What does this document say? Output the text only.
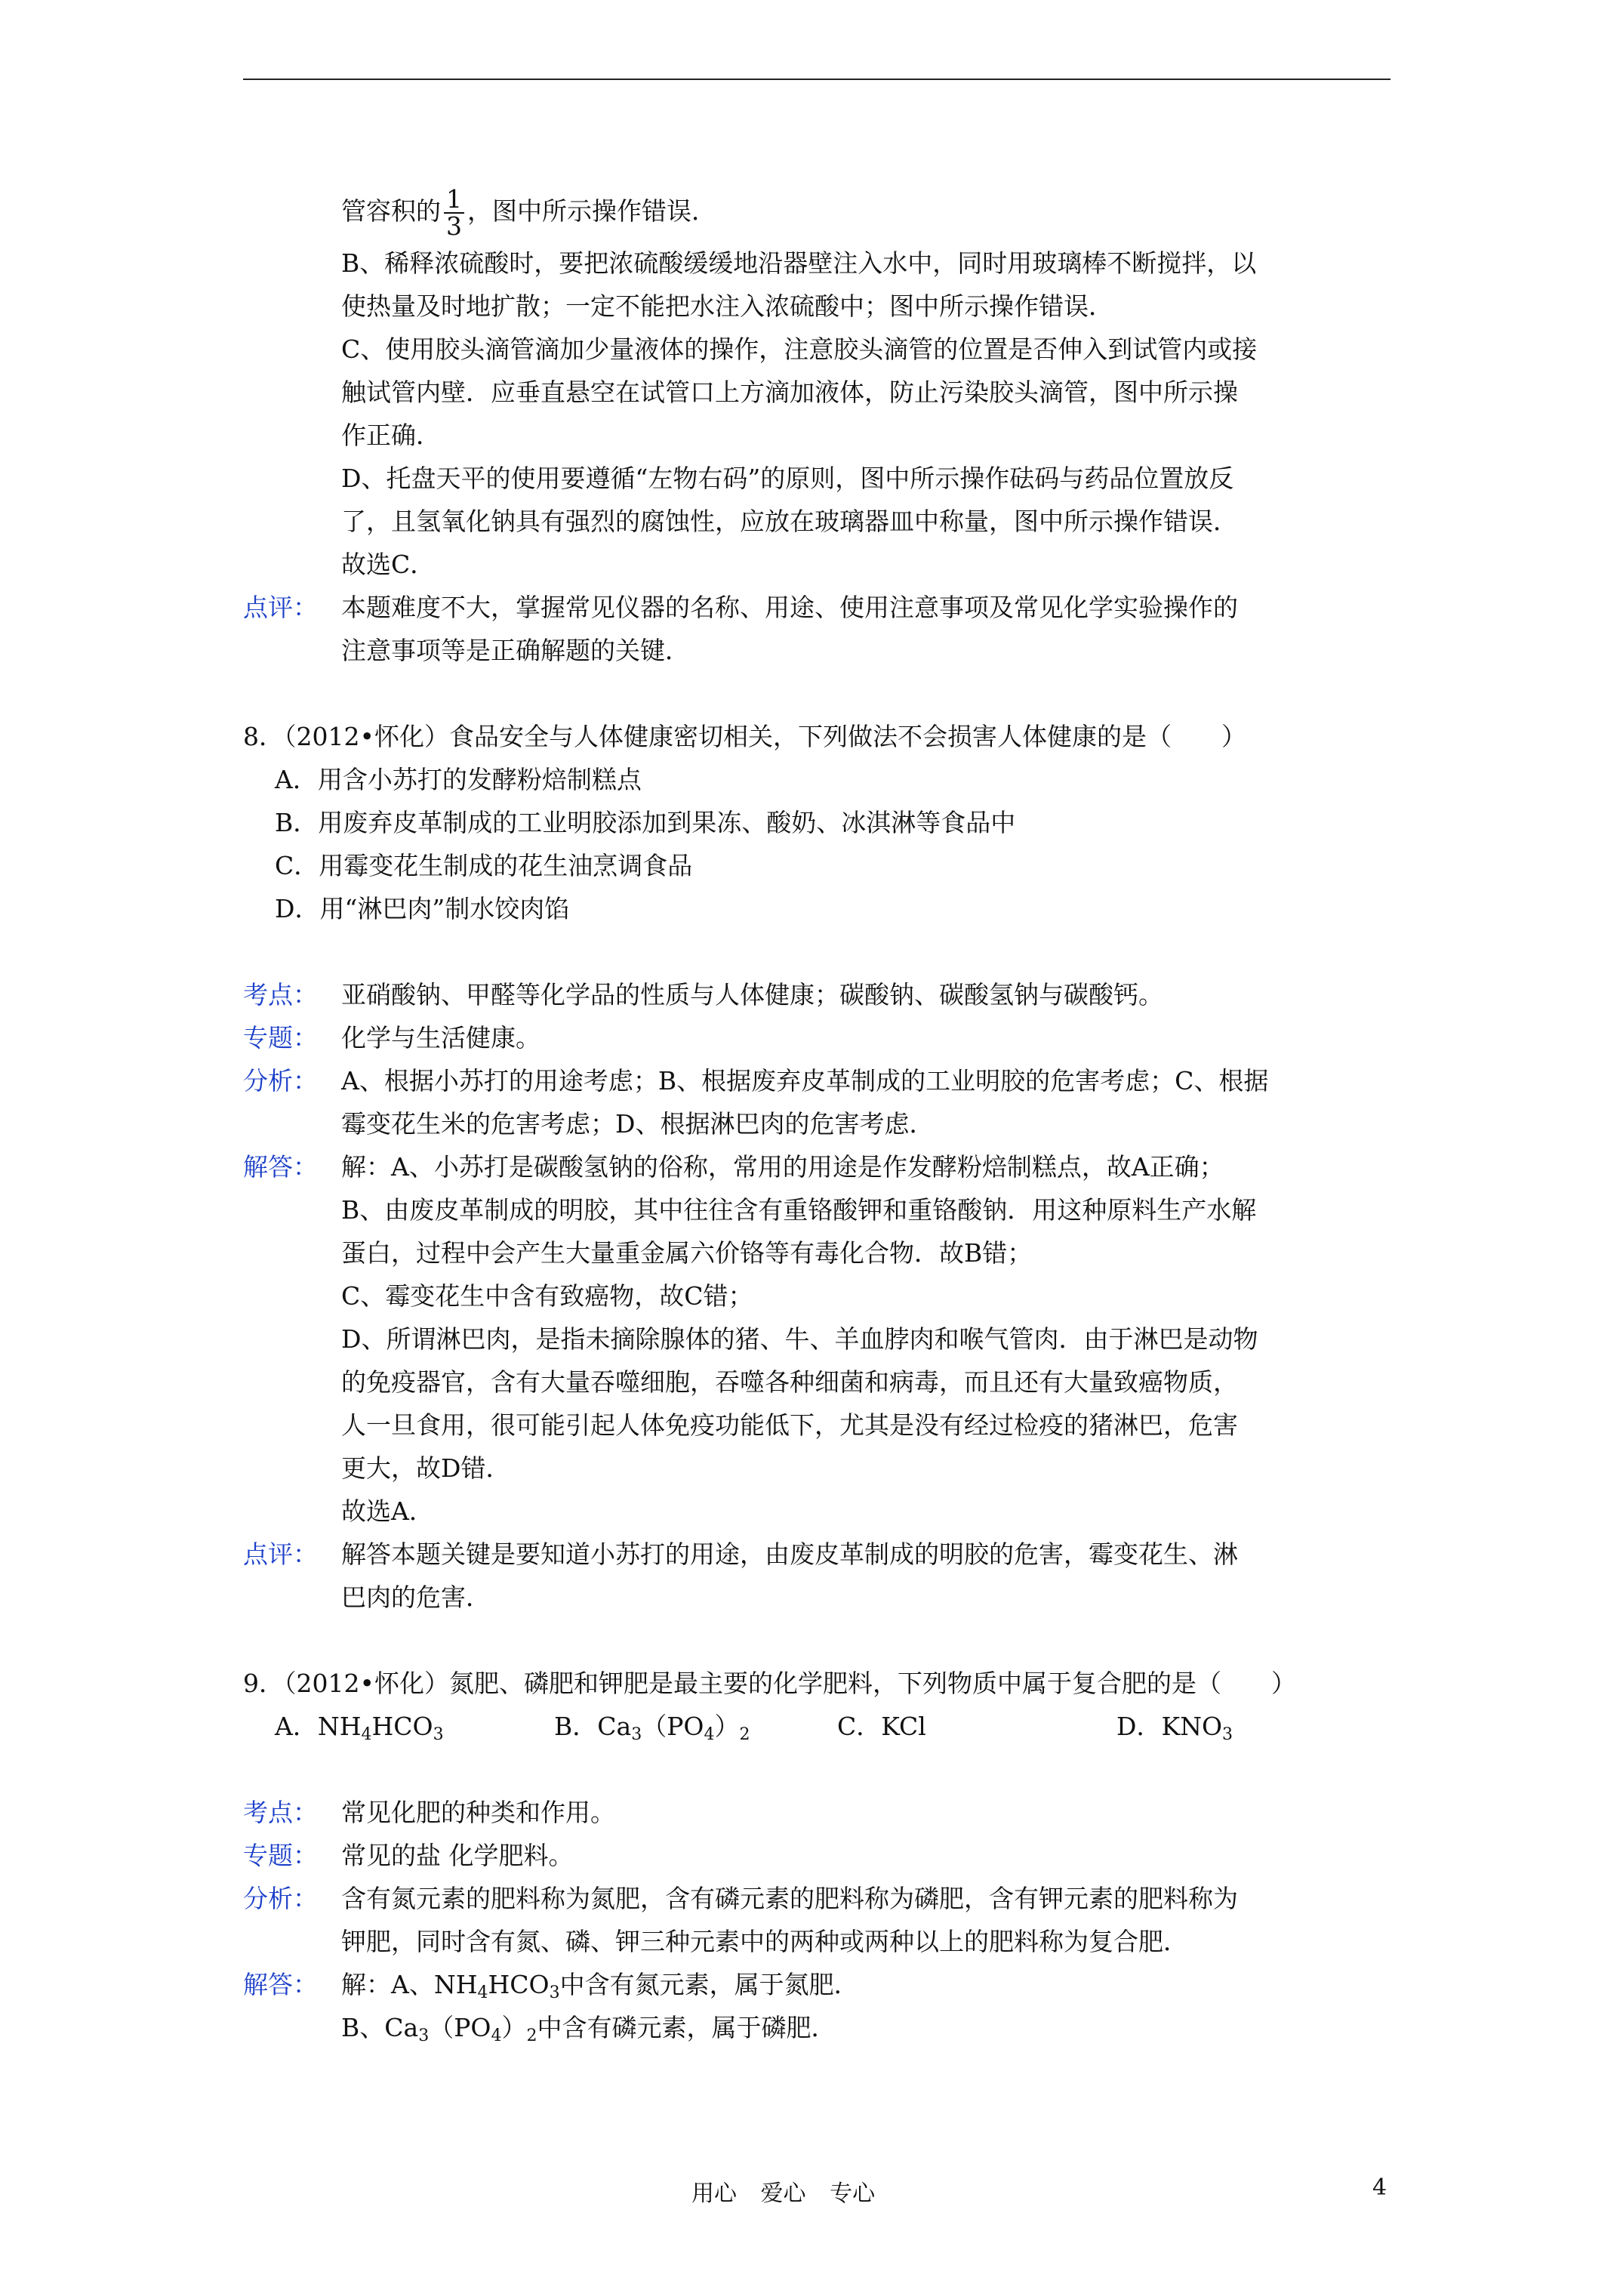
管容积的 $\frac{1}{3}$ ，图中所示操作错误．
B、稀释浓硫酸时，要把浓硫酸缓缓地沿器壁注入水中，同时用玻璃棒不断搅拌，以
使热量及时地扩散；一定不能把水注入浓硫酸中；图中所示操作错误．
C、使用胶头滴管滴加少量液体的操作，注意胶头滴管的位置是否伸入到试管内或接
触试管内壁．应垂直悬空在试管口上方滴加液体，防止污染胶头滴管，图中所示操
作正确．
D、托盘天平的使用要遵循“左物右码”的原则，图中所示操作砝码与药品位置放反
了，且氢氧化钠具有强烈的腐蚀性，应放在玻璃器皿中称量，图中所示操作错误．
故选C．
点评： 本题难度不大，掌握常见仪器的名称、用途、使用注意事项及常见化学实验操作的
注意事项等是正确解题的关键．
8．（2012•怀化）食品安全与人体健康密切相关，下列做法不会损害人体健康的是（　　）
A．用含小苏打的发酵粉焙制糕点
B．用废弃皮革制成的工业明胶添加到果冻、酸奶、冰淇淋等食品中
C．用霉变花生制成的花生油烹调食品
D．用“淋巴肉”制水饺肉馅
考点： 亚硝酸钠、甲醛等化学品的性质与人体健康；碳酸钠、碳酸氢钠与碳酸钙。
专题： 化学与生活健康。
分析： A、根据小苏打的用途考虑；B、根据废弃皮革制成的工业明胶的危害考虑；C、根据
霉变花生米的危害考虑；D、根据淋巴肉的危害考虑．
解答： 解：A、小苏打是碳酸氢钠的俗称，常用的用途是作发酵粉焙制糕点，故A正确；
B、由废皮革制成的明胶，其中往往含有重铬酸钾和重铬酸钠．用这种原料生产水解
蛋白，过程中会产生大量重金属六价铬等有毒化合物．故B错；
C、霉变花生中含有致癌物，故C错；
D、所谓淋巴肉，是指未摘除腺体的猪、牛、羊血脖肉和喉气管肉．由于淋巴是动物
的免疫器官，含有大量吞噬细胞，吞噬各种细菌和病毒，而且还有大量致癌物质，
人一旦食用，很可能引起人体免疫功能低下，尤其是没有经过检疫的猪淋巴，危害
更大，故D错．
故选A．
点评： 解答本题关键是要知道小苏打的用途，由废皮革制成的明胶的危害，霉变花生、淋
巴肉的危害．
9．（2012•怀化）氮肥、磷肥和钾肥是最主要的化学肥料，下列物质中属于复合肥的是（　　）
A．$NH_4HCO_3$	B．$Ca_3(PO_4)_2$	C．KCl	D．$KNO_3$
考点： 常见化肥的种类和作用。
专题： 常见的盐 化学肥料。
分析： 含有氮元素的肥料称为氮肥，含有磷元素的肥料称为磷肥，含有钾元素的肥料称为
钾肥，同时含有氮、磷、钾三种元素中的两种或两种以上的肥料称为复合肥．
解答： 解：A、$NH_4HCO_3$中含有氮元素，属于氮肥．
B、$Ca_3(PO_4)_2$中含有磷元素，属于磷肥．
用心 爱心 专心	4
